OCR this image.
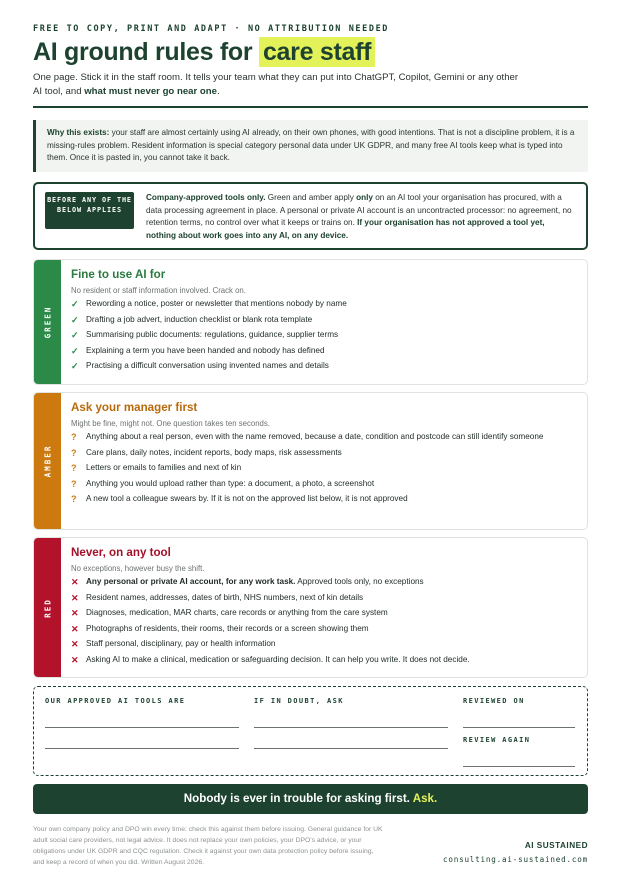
FREE TO COPY, PRINT AND ADAPT · NO ATTRIBUTION NEEDED
AI ground rules for care staff

One page. Stick it in the staff room. It tells your team what they can put into ChatGPT, Copilot, Gemini or any other AI tool, and what must never go near one.

Why this exists: your staff are almost certainly using AI already, on their own phones, with good intentions. That is not a discipline problem, it is a missing-rules problem. Resident information is special category personal data under UK GDPR, and many free AI tools keep what is typed into them. Once it is pasted in, you cannot take it back.
BEFORE ANY OF THE BELOW APPLIES
Company-approved tools only. Green and amber apply only on an AI tool your organisation has procured, with a data processing agreement in place. A personal or private AI account is an uncontracted processor: no agreement, no retention terms, no control over what it keeps or trains on. If your organisation has not approved a tool yet, nothing about work goes into any AI, on any device.
GREEN
Fine to use AI for
No resident or staff information involved. Crack on.
✓ Rewording a notice, poster or newsletter that mentions nobody by name
✓ Drafting a job advert, induction checklist or blank rota template
✓ Summarising public documents: regulations, guidance, supplier terms
✓ Explaining a term you have been handed and nobody has defined
✓ Practising a difficult conversation using invented names and details
AMBER
Ask your manager first
Might be fine, might not. One question takes ten seconds.
? Anything about a real person, even with the name removed, because a date, condition and postcode can still identify someone
? Care plans, daily notes, incident reports, body maps, risk assessments
? Letters or emails to families and next of kin
? Anything you would upload rather than type: a document, a photo, a screenshot
? A new tool a colleague swears by. If it is not on the approved list below, it is not approved
RED
Never, on any tool
No exceptions, however busy the shift.
✕ Any personal or private AI account, for any work task. Approved tools only, no exceptions
✕ Resident names, addresses, dates of birth, NHS numbers, next of kin details
✕ Diagnoses, medication, MAR charts, care records or anything from the care system
✕ Photographs of residents, their rooms, their records or a screen showing them
✕ Staff personal, disciplinary, pay or health information
✕ Asking AI to make a clinical, medication or safeguarding decision. It can help you write. It does not decide.
OUR APPROVED AI TOOLS ARE	IF IN DOUBT, ASK	REVIEWED ON
REVIEW AGAIN
Nobody is ever in trouble for asking first. Ask.

Your own company policy and DPO win every time: check this against them before issuing. General guidance for UK adult social care providers, not legal advice. It does not replace your own policies, your DPO's advice, or your obligations under UK GDPR and CQC regulation. Check it against your own data protection policy before issuing, and keep a record of when you did. Written August 2026.

AI SUSTAINED
consulting.ai-sustained.com
